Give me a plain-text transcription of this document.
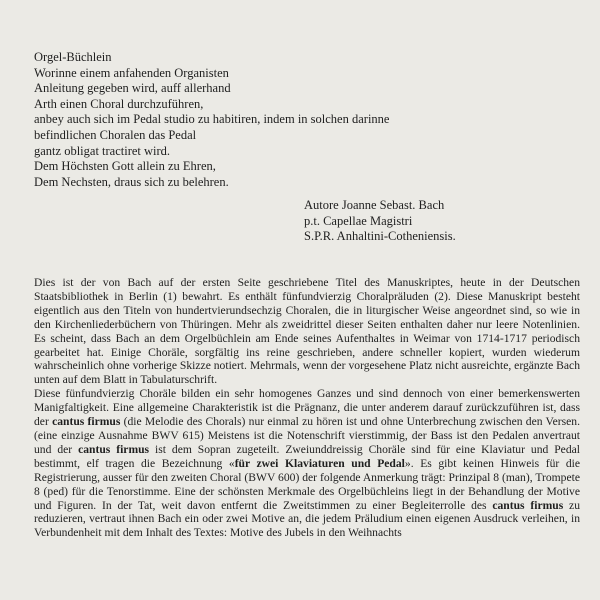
Orgel-Büchlein
Worinne einem anfahenden Organisten
Anleitung gegeben wird, auff allerhand
Arth einen Choral durchzuführen,
anbey auch sich im Pedal studio zu habitiren, indem in solchen darinne
befindlichen Choralen das Pedal
gantz obligat tractiret wird.
Dem Höchsten Gott allein zu Ehren,
Dem Nechsten, draus sich zu belehren.
Autore Joanne Sebast. Bach
p.t. Capellae Magistri
S.P.R. Anhaltini-Cotheniensis.

Dies ist der von Bach auf der ersten Seite geschriebene Titel des Manuskriptes, heute in der Deutschen Staatsbibliothek in Berlin (1) bewahrt. Es enthält fünfundvierzig Choralpräluden (2). Diese Manuskript besteht eigentlich aus den Titeln von hundertvierundsechzig Choralen, die in liturgischer Weise angeordnet sind, so wie in den Kirchenliederbüchern von Thüringen. Mehr als zweidrittel dieser Seiten enthalten daher nur leere Notenlinien. Es scheint, dass Bach an dem Orgelbüchlein am Ende seines Aufenthaltes in Weimar von 1714-1717 periodisch gearbeitet hat. Einige Choräle, sorgfältig ins reine geschrieben, andere schneller kopiert, wurden wiederum wahrscheinlich ohne vorherige Skizze notiert. Mehrmals, wenn der vorgesehene Platz nicht ausreichte, ergänzte Bach unten auf dem Blatt in Tabulaturschrift.

Diese fünfundvierzig Choräle bilden ein sehr homogenes Ganzes und sind dennoch von einer bemerkenswerten Manigfaltigkeit. Eine allgemeine Charakteristik ist die Prägnanz, die unter anderem darauf zurückzuführen ist, dass der cantus firmus (die Melodie des Chorals) nur einmal zu hören ist und ohne Unterbrechung zwischen den Versen. (eine einzige Ausnahme BWV 615) Meistens ist die Notenschrift vierstimmig, der Bass ist den Pedalen anvertraut und der cantus firmus ist dem Sopran zugeteilt. Zweiunddreissig Choräle sind für eine Klaviatur und Pedal bestimmt, elf tragen die Bezeichnung «für zwei Klaviaturen und Pedal». Es gibt keinen Hinweis für die Registrierung, ausser für den zweiten Choral (BWV 600) der folgende Anmerkung trägt: Prinzipal 8 (man), Trompete 8 (ped) für die Tenorstimme. Eine der schönsten Merkmale des Orgelbüchleins liegt in der Behandlung der Motive und Figuren. In der Tat, weit davon entfernt die Zweitstimmen zu einer Begleiterrolle des cantus firmus zu reduzieren, vertraut ihnen Bach ein oder zwei Motive an, die jedem Präludium einen eigenen Ausdruck verleihen, in Verbundenheit mit dem Inhalt des Textes: Motive des Jubels in den Weihnachts
